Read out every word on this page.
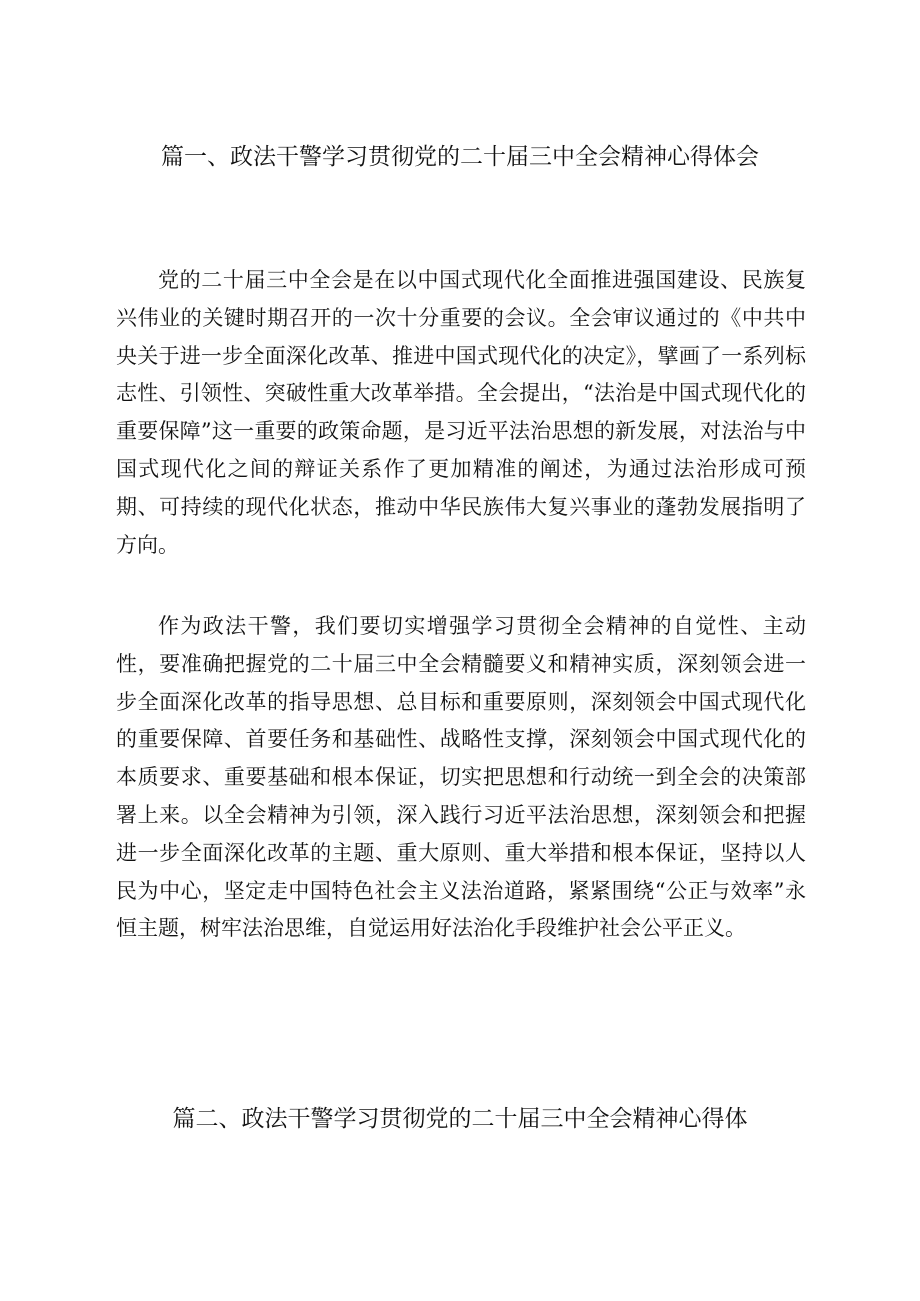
篇一、政法干警学习贯彻党的二十届三中全会精神心得体会

党的二十届三中全会是在以中国式现代化全面推进强国建设、民族复兴伟业的关键时期召开的一次十分重要的会议。全会审议通过的《中共中央关于进一步全面深化改革、推进中国式现代化的决定》，擘画了一系列标志性、引领性、突破性重大改革举措。全会提出，“法治是中国式现代化的重要保障”这一重要的政策命题，是习近平法治思想的新发展，对法治与中国式现代化之间的辩证关系作了更加精准的阐述，为通过法治形成可预期、可持续的现代化状态，推动中华民族伟大复兴事业的蓬勃发展指明了方向。

作为政法干警，我们要切实增强学习贯彻全会精神的自觉性、主动性，要准确把握党的二十届三中全会精髓要义和精神实质，深刻领会进一步全面深化改革的指导思想、总目标和重要原则，深刻领会中国式现代化的重要保障、首要任务和基础性、战略性支撑，深刻领会中国式现代化的本质要求、重要基础和根本保证，切实把思想和行动统一到全会的决策部署上来。以全会精神为引领，深入践行习近平法治思想，深刻领会和把握进一步全面深化改革的主题、重大原则、重大举措和根本保证，坚持以人民为中心，坚定走中国特色社会主义法治道路，紧紧围绕“公正与效率”永恒主题，树牢法治思维，自觉运用好法治化手段维护社会公平正义。

篇二、政法干警学习贯彻党的二十届三中全会精神心得体
